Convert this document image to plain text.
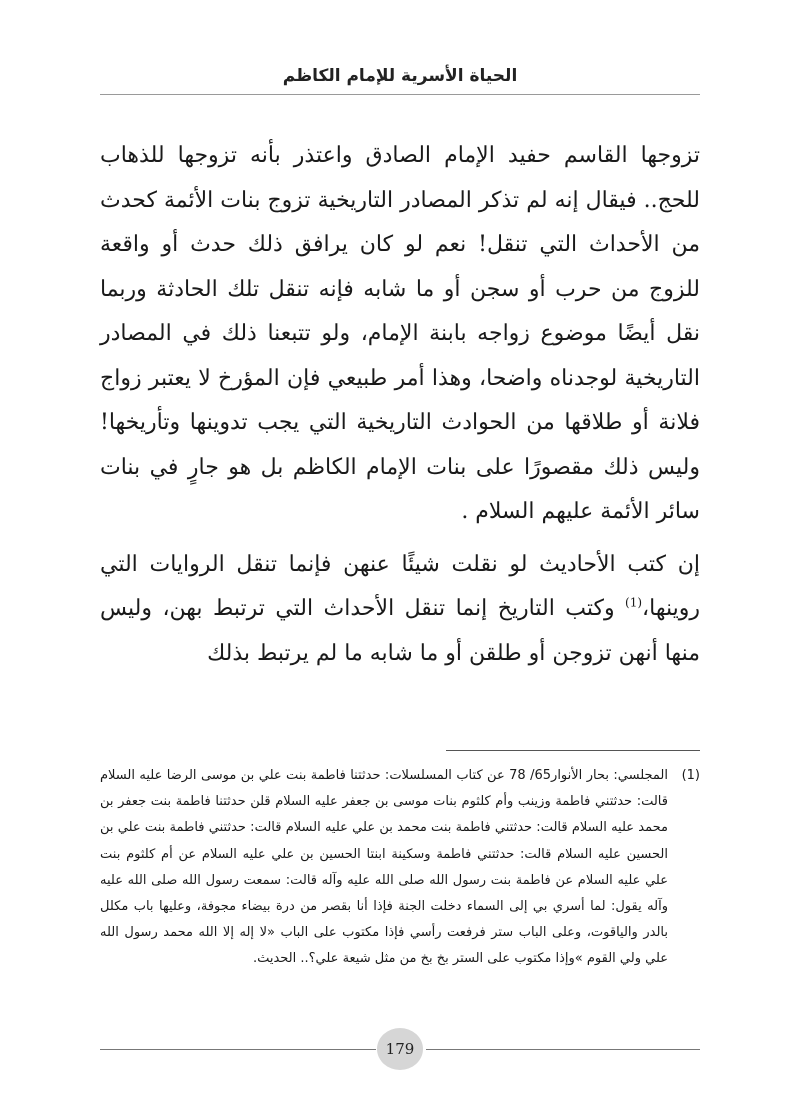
الحياة الأسرية للإمام الكاظم

تزوجها القاسم حفيد الإمام الصادق واعتذر بأنه تزوجها للذهاب للحج.. فيقال إنه لم تذكر المصادر التاريخية تزوج بنات الأئمة كحدث من الأحداث التي تنقل! نعم لو كان يرافق ذلك حدث أو واقعة للزوج من حرب أو سجن أو ما شابه فإنه تنقل تلك الحادثة وربما نقل أيضًا موضوع زواجه بابنة الإمام، ولو تتبعنا ذلك في المصادر التاريخية لوجدناه واضحا، وهذا أمر طبيعي فإن المؤرخ لا يعتبر زواج فلانة أو طلاقها من الحوادث التاريخية التي يجب تدوينها وتأريخها! وليس ذلك مقصورًا على بنات الإمام الكاظم بل هو جارٍ في بنات سائر الأئمة عليهم السلام .

إن كتب الأحاديث لو نقلت شيئًا عنهن فإنما تنقل الروايات التي روينها،$^{(1)}$ وكتب التاريخ إنما تنقل الأحداث التي ترتبط بهن، وليس منها أنهن تزوجن أو طلقن أو ما شابه ما لم يرتبط بذلك

(1)
المجلسي: بحار الأنوار65/ 78 عن كتاب المسلسلات: حدثتنا فاطمة بنت علي بن موسى الرضا عليه السلام قالت: حدثتني فاطمة وزينب وأم كلثوم بنات موسى بن جعفر عليه السلام قلن حدثتنا فاطمة بنت جعفر بن محمد عليه السلام قالت: حدثتني فاطمة بنت محمد بن علي عليه السلام قالت: حدثتني فاطمة بنت علي بن الحسين عليه السلام قالت: حدثتني فاطمة وسكينة ابنتا الحسين بن علي عليه السلام عن أم كلثوم بنت علي عليه السلام عن فاطمة بنت رسول الله صلى الله عليه وآله قالت: سمعت رسول الله صلى الله عليه وآله يقول: لما أسري بي إلى السماء دخلت الجنة فإذا أنا بقصر من درة بيضاء مجوفة، وعليها باب مكلل بالدر والياقوت، وعلى الباب ستر فرفعت رأسي فإذا مكتوب على الباب «لا إله إلا الله محمد رسول الله علي ولي القوم »وإذا مكتوب على الستر بخ بخ من مثل شيعة علي؟.. الحديث.
179
